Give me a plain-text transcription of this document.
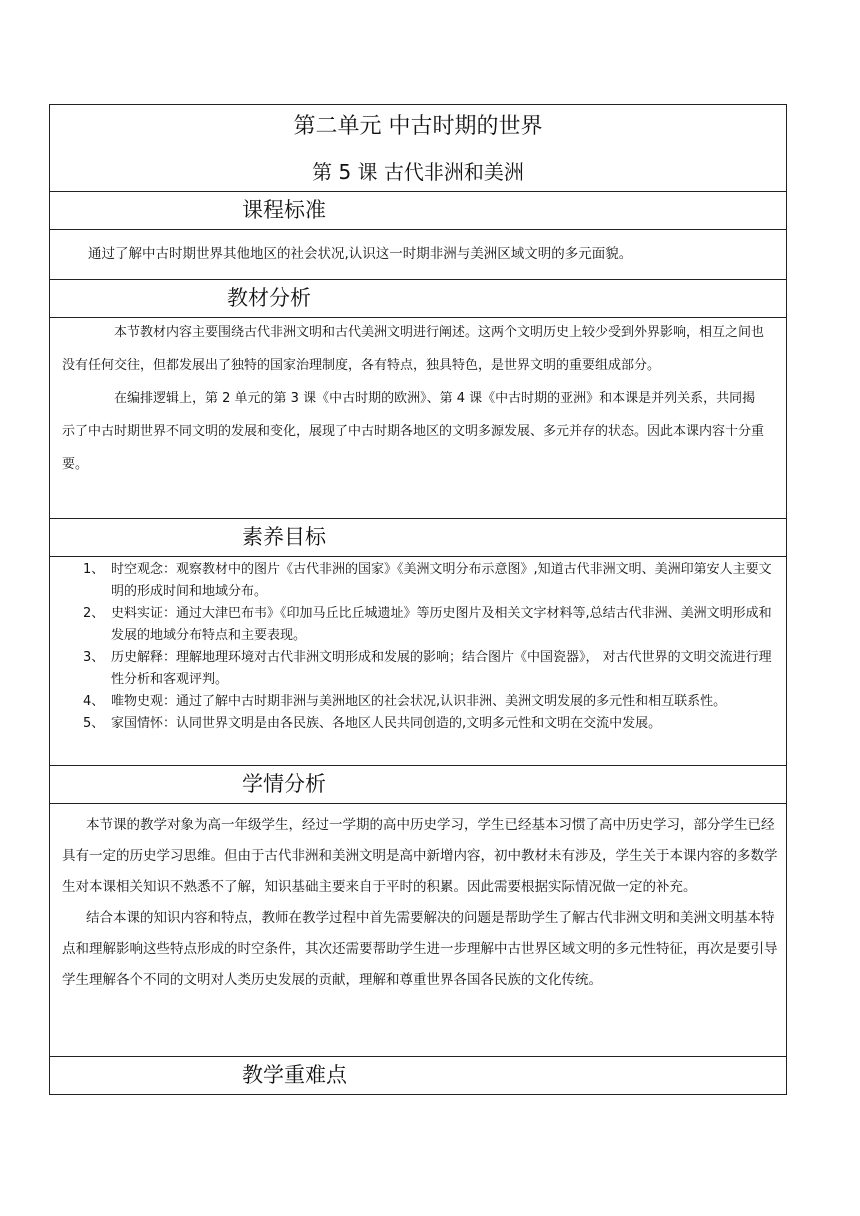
第二单元 中古时期的世界
第 5 课 古代非洲和美洲

课程标准

通过了解中古时期世界其他地区的社会状况,认识这一时期非洲与美洲区域文明的多元面貌。

教材分析

本节教材内容主要围绕古代非洲文明和古代美洲文明进行阐述。这两个文明历史上较少受到外界影响，相互之间也没有任何交往，但都发展出了独特的国家治理制度，各有特点，独具特色，是世界文明的重要组成部分。

在编排逻辑上，第 2 单元的第 3 课《中古时期的欧洲》、第 4 课《中古时期的亚洲》和本课是并列关系，共同揭示了中古时期世界不同文明的发展和变化，展现了中古时期各地区的文明多源发展、多元并存的状态。因此本课内容十分重要。

素养目标

1、 时空观念：观察教材中的图片《古代非洲的国家》《美洲文明分布示意图》,知道古代非洲文明、美洲印第安人主要文明的形成时间和地域分布。
2、 史料实证：通过大津巴布韦》《印加马丘比丘城遗址》等历史图片及相关文字材料等,总结古代非洲、美洲文明形成和发展的地域分布特点和主要表现。
3、 历史解释：理解地理环境对古代非洲文明形成和发展的影响；结合图片《中国瓷器》， 对古代世界的文明交流进行理性分析和客观评判。
4、 唯物史观：通过了解中古时期非洲与美洲地区的社会状况,认识非洲、美洲文明发展的多元性和相互联系性。
5、 家国情怀：认同世界文明是由各民族、各地区人民共同创造的,文明多元性和文明在交流中发展。

学情分析

本节课的教学对象为高一年级学生，经过一学期的高中历史学习，学生已经基本习惯了高中历史学习，部分学生已经具有一定的历史学习思维。但由于古代非洲和美洲文明是高中新增内容，初中教材未有涉及，学生关于本课内容的多数学生对本课相关知识不熟悉不了解，知识基础主要来自于平时的积累。因此需要根据实际情况做一定的补充。

结合本课的知识内容和特点，教师在教学过程中首先需要解决的问题是帮助学生了解古代非洲文明和美洲文明基本特点和理解影响这些特点形成的时空条件，其次还需要帮助学生进一步理解中古世界区域文明的多元性特征，再次是要引导学生理解各个不同的文明对人类历史发展的贡献，理解和尊重世界各国各民族的文化传统。

教学重难点
